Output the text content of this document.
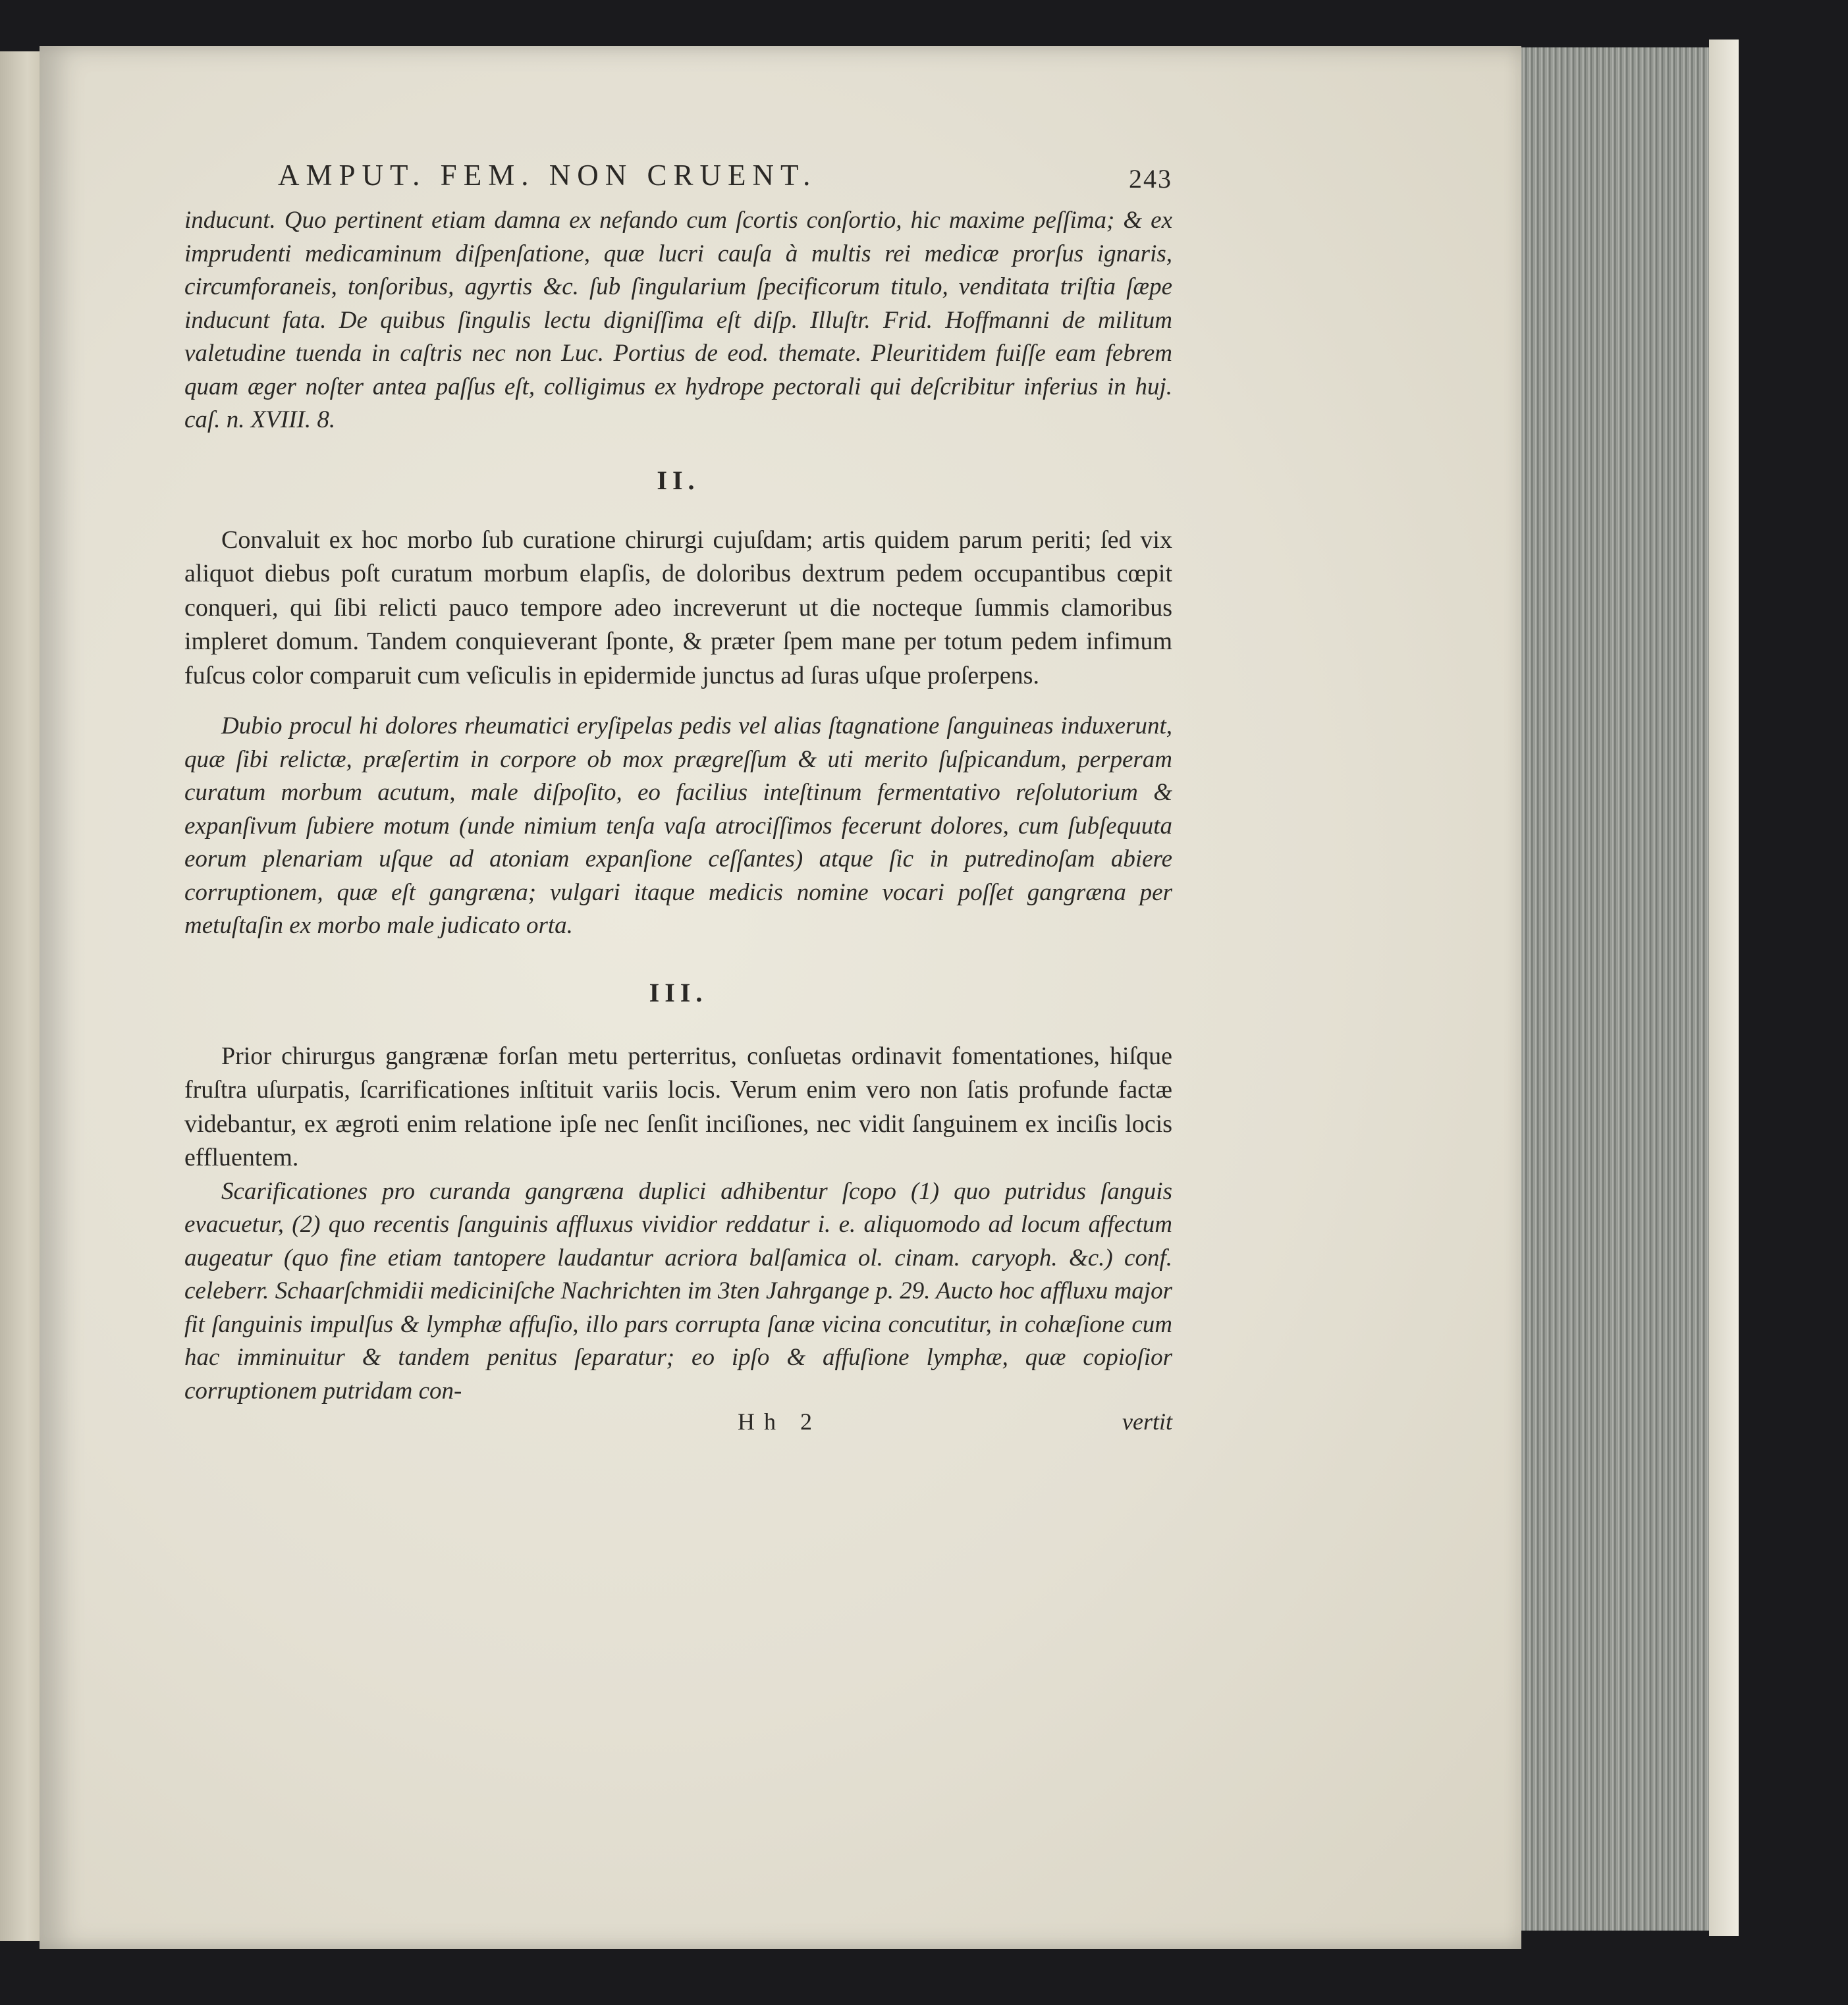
AMPUT. FEM. NON CRUENT.	243

inducunt. Quo pertinent etiam damna ex nefando cum ſcortis conſortio, hic maxime peſſima; & ex imprudenti medicaminum diſpenſatione, quæ lucri cauſa à multis rei medicæ prorſus ignaris, circumforaneis, tonſoribus, agyrtis &c. ſub ſingularium ſpecificorum titulo, venditata triſtia ſæpe inducunt fata. De quibus ſingulis lectu digniſſima eſt diſp. Illuſtr. Frid. Hoffmanni de militum valetudine tuenda in caſtris nec non Luc. Portius de eod. themate. Pleuritidem fuiſſe eam febrem quam æger noſter antea paſſus eſt, colligimus ex hydrope pectorali qui deſcribitur inferius in huj. caſ. n. XVIII. 8.

II.

Convaluit ex hoc morbo ſub curatione chirurgi cujuſdam; artis quidem parum periti; ſed vix aliquot diebus poſt curatum morbum elapſis, de doloribus dextrum pedem occupantibus cœpit conqueri, qui ſibi relicti pauco tempore adeo increverunt ut die nocteque ſummis clamoribus impleret domum. Tandem conquieverant ſponte, & præter ſpem mane per totum pedem infimum fuſcus color comparuit cum veſiculis in epidermide junctus ad ſuras uſque proſerpens.

Dubio procul hi dolores rheumatici eryſipelas pedis vel alias ſtagnatione ſanguineas induxerunt, quæ ſibi relictæ, præſertim in corpore ob mox prægreſſum & uti merito ſuſpicandum, perperam curatum morbum acutum, male diſpoſito, eo facilius inteſtinum fermentativo reſolutorium & expanſivum ſubiere motum (unde nimium tenſa vaſa atrociſſimos fecerunt dolores, cum ſubſequuta eorum plenariam uſque ad atoniam expanſione ceſſantes) atque ſic in putredinoſam abiere corruptionem, quæ eſt gangræna; vulgari itaque medicis nomine vocari poſſet gangræna per metuſtaſin ex morbo male judicato orta.

III.

Prior chirurgus gangrænæ forſan metu perterritus, conſuetas ordinavit fomentationes, hiſque fruſtra uſurpatis, ſcarrificationes inſtituit variis locis. Verum enim vero non ſatis profunde factæ videbantur, ex ægroti enim relatione ipſe nec ſenſit inciſiones, nec vidit ſanguinem ex inciſis locis effluentem.

Scarificationes pro curanda gangræna duplici adhibentur ſcopo (1) quo putridus ſanguis evacuetur, (2) quo recentis ſanguinis affluxus vividior reddatur i. e. aliquomodo ad locum affectum augeatur (quo fine etiam tantopere laudantur acriora balſamica ol. cinam. caryoph. &c.) conf. celeberr. Schaarſchmidii mediciniſche Nachrichten im 3ten Jahrgange p. 29. Aucto hoc affluxu major fit ſanguinis impulſus & lymphæ affuſio, illo pars corrupta ſanæ vicina concutitur, in cohæſione cum hac imminuitur & tandem penitus ſeparatur; eo ipſo & affuſione lymphæ, quæ copioſior corruptionem putridam con-

Hh 2	vertit
